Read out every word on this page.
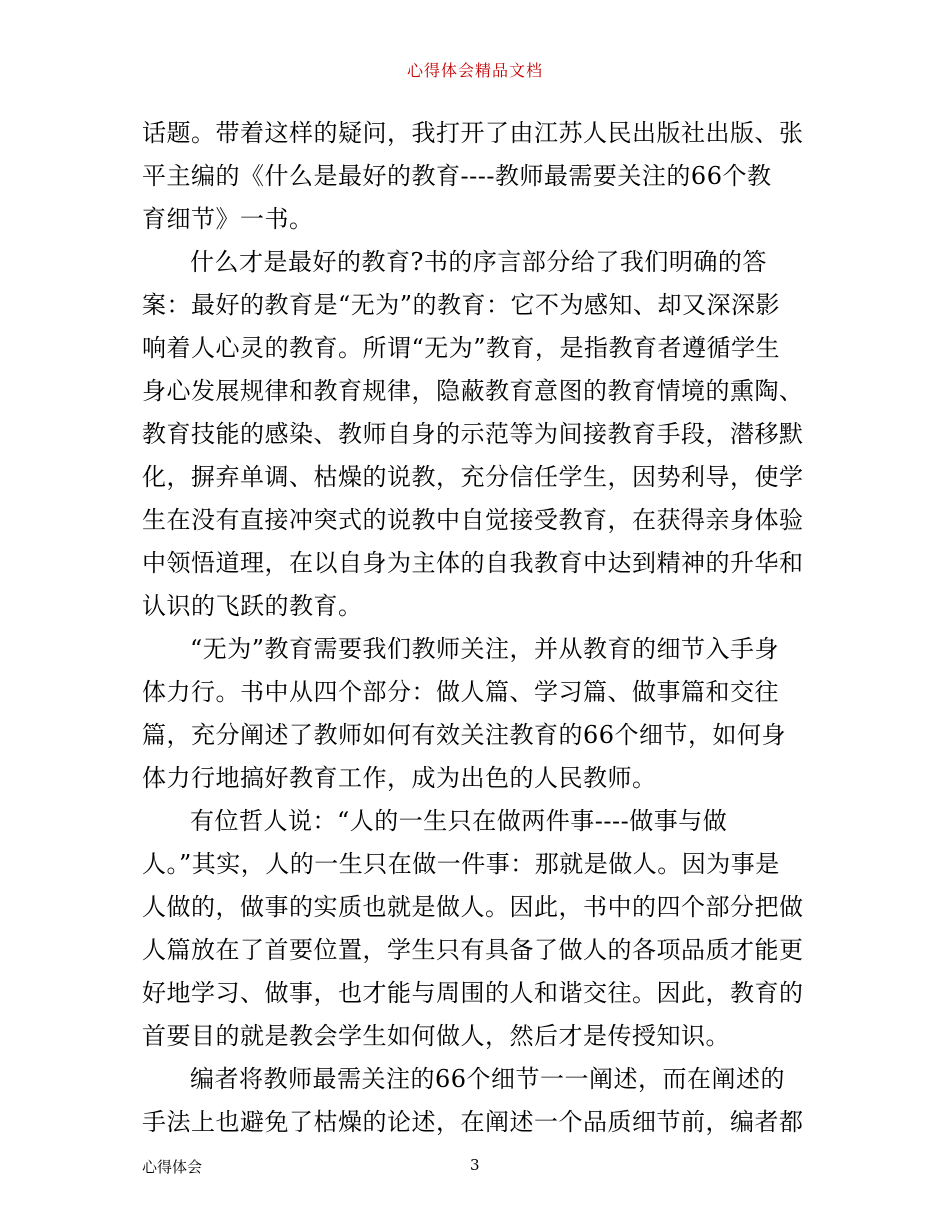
心得体会精品文档
话题。带着这样的疑问，我打开了由江苏人民出版社出版、张
平主编的《什么是最好的教育----教师最需要关注的66个教
育细节》一书。
什么才是最好的教育?书的序言部分给了我们明确的答
案：最好的教育是“无为”的教育：它不为感知、却又深深影
响着人心灵的教育。所谓“无为”教育，是指教育者遵循学生
身心发展规律和教育规律，隐蔽教育意图的教育情境的熏陶、
教育技能的感染、教师自身的示范等为间接教育手段，潜移默
化，摒弃单调、枯燥的说教，充分信任学生，因势利导，使学
生在没有直接冲突式的说教中自觉接受教育，在获得亲身体验
中领悟道理，在以自身为主体的自我教育中达到精神的升华和
认识的飞跃的教育。
“无为”教育需要我们教师关注，并从教育的细节入手身
体力行。书中从四个部分：做人篇、学习篇、做事篇和交往
篇，充分阐述了教师如何有效关注教育的66个细节，如何身
体力行地搞好教育工作，成为出色的人民教师。
有位哲人说：“人的一生只在做两件事----做事与做
人。”其实，人的一生只在做一件事：那就是做人。因为事是
人做的，做事的实质也就是做人。因此，书中的四个部分把做
人篇放在了首要位置，学生只有具备了做人的各项品质才能更
好地学习、做事，也才能与周围的人和谐交往。因此，教育的
首要目的就是教会学生如何做人，然后才是传授知识。
编者将教师最需关注的66个细节一一阐述，而在阐述的
手法上也避免了枯燥的论述，在阐述一个品质细节前，编者都
心得体会	3
